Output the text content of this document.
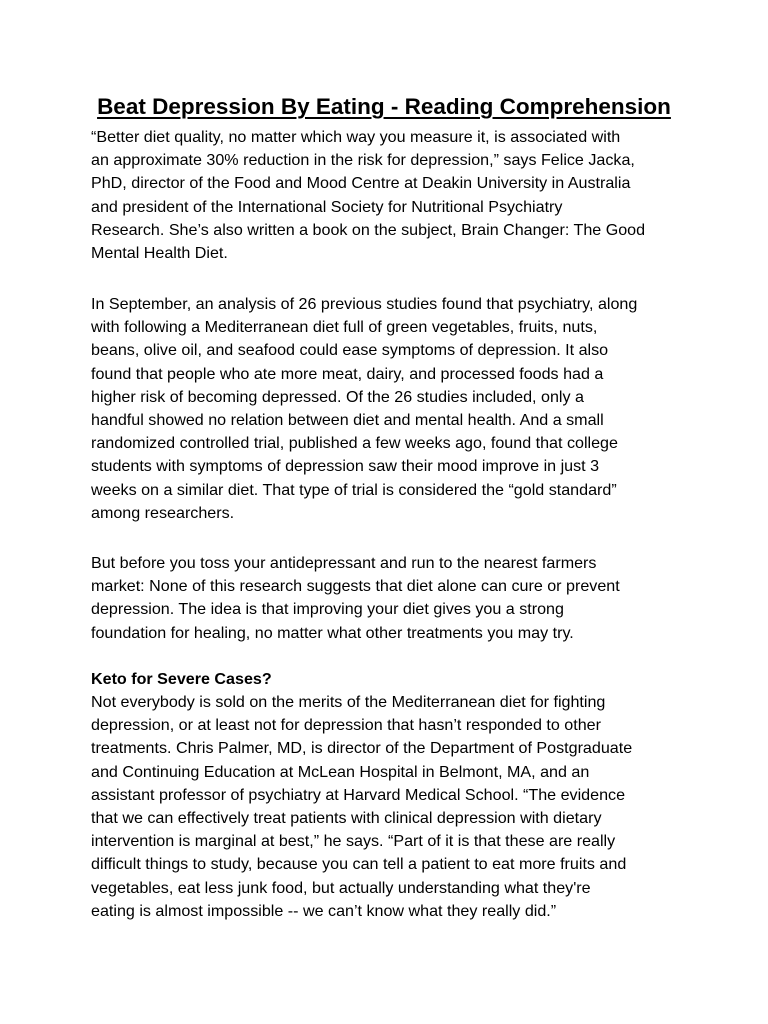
Beat Depression By Eating - Reading Comprehension

“Better diet quality, no matter which way you measure it, is associated with
an approximate 30% reduction in the risk for depression,” says Felice Jacka,
PhD, director of the Food and Mood Centre at Deakin University in Australia
and president of the International Society for Nutritional Psychiatry
Research. She’s also written a book on the subject, Brain Changer: The Good
Mental Health Diet.

In September, an analysis of 26 previous studies found that psychiatry, along
with following a Mediterranean diet full of green vegetables, fruits, nuts,
beans, olive oil, and seafood could ease symptoms of depression. It also
found that people who ate more meat, dairy, and processed foods had a
higher risk of becoming depressed. Of the 26 studies included, only a
handful showed no relation between diet and mental health. And a small
randomized controlled trial, published a few weeks ago, found that college
students with symptoms of depression saw their mood improve in just 3
weeks on a similar diet. That type of trial is considered the “gold standard”
among researchers.

But before you toss your antidepressant and run to the nearest farmers
market: None of this research suggests that diet alone can cure or prevent
depression. The idea is that improving your diet gives you a strong
foundation for healing, no matter what other treatments you may try.

Keto for Severe Cases?

Not everybody is sold on the merits of the Mediterranean diet for fighting
depression, or at least not for depression that hasn’t responded to other
treatments. Chris Palmer, MD, is director of the Department of Postgraduate
and Continuing Education at McLean Hospital in Belmont, MA, and an
assistant professor of psychiatry at Harvard Medical School. “The evidence
that we can effectively treat patients with clinical depression with dietary
intervention is marginal at best,” he says. “Part of it is that these are really
difficult things to study, because you can tell a patient to eat more fruits and
vegetables, eat less junk food, but actually understanding what they're
eating is almost impossible -- we can’t know what they really did.”
